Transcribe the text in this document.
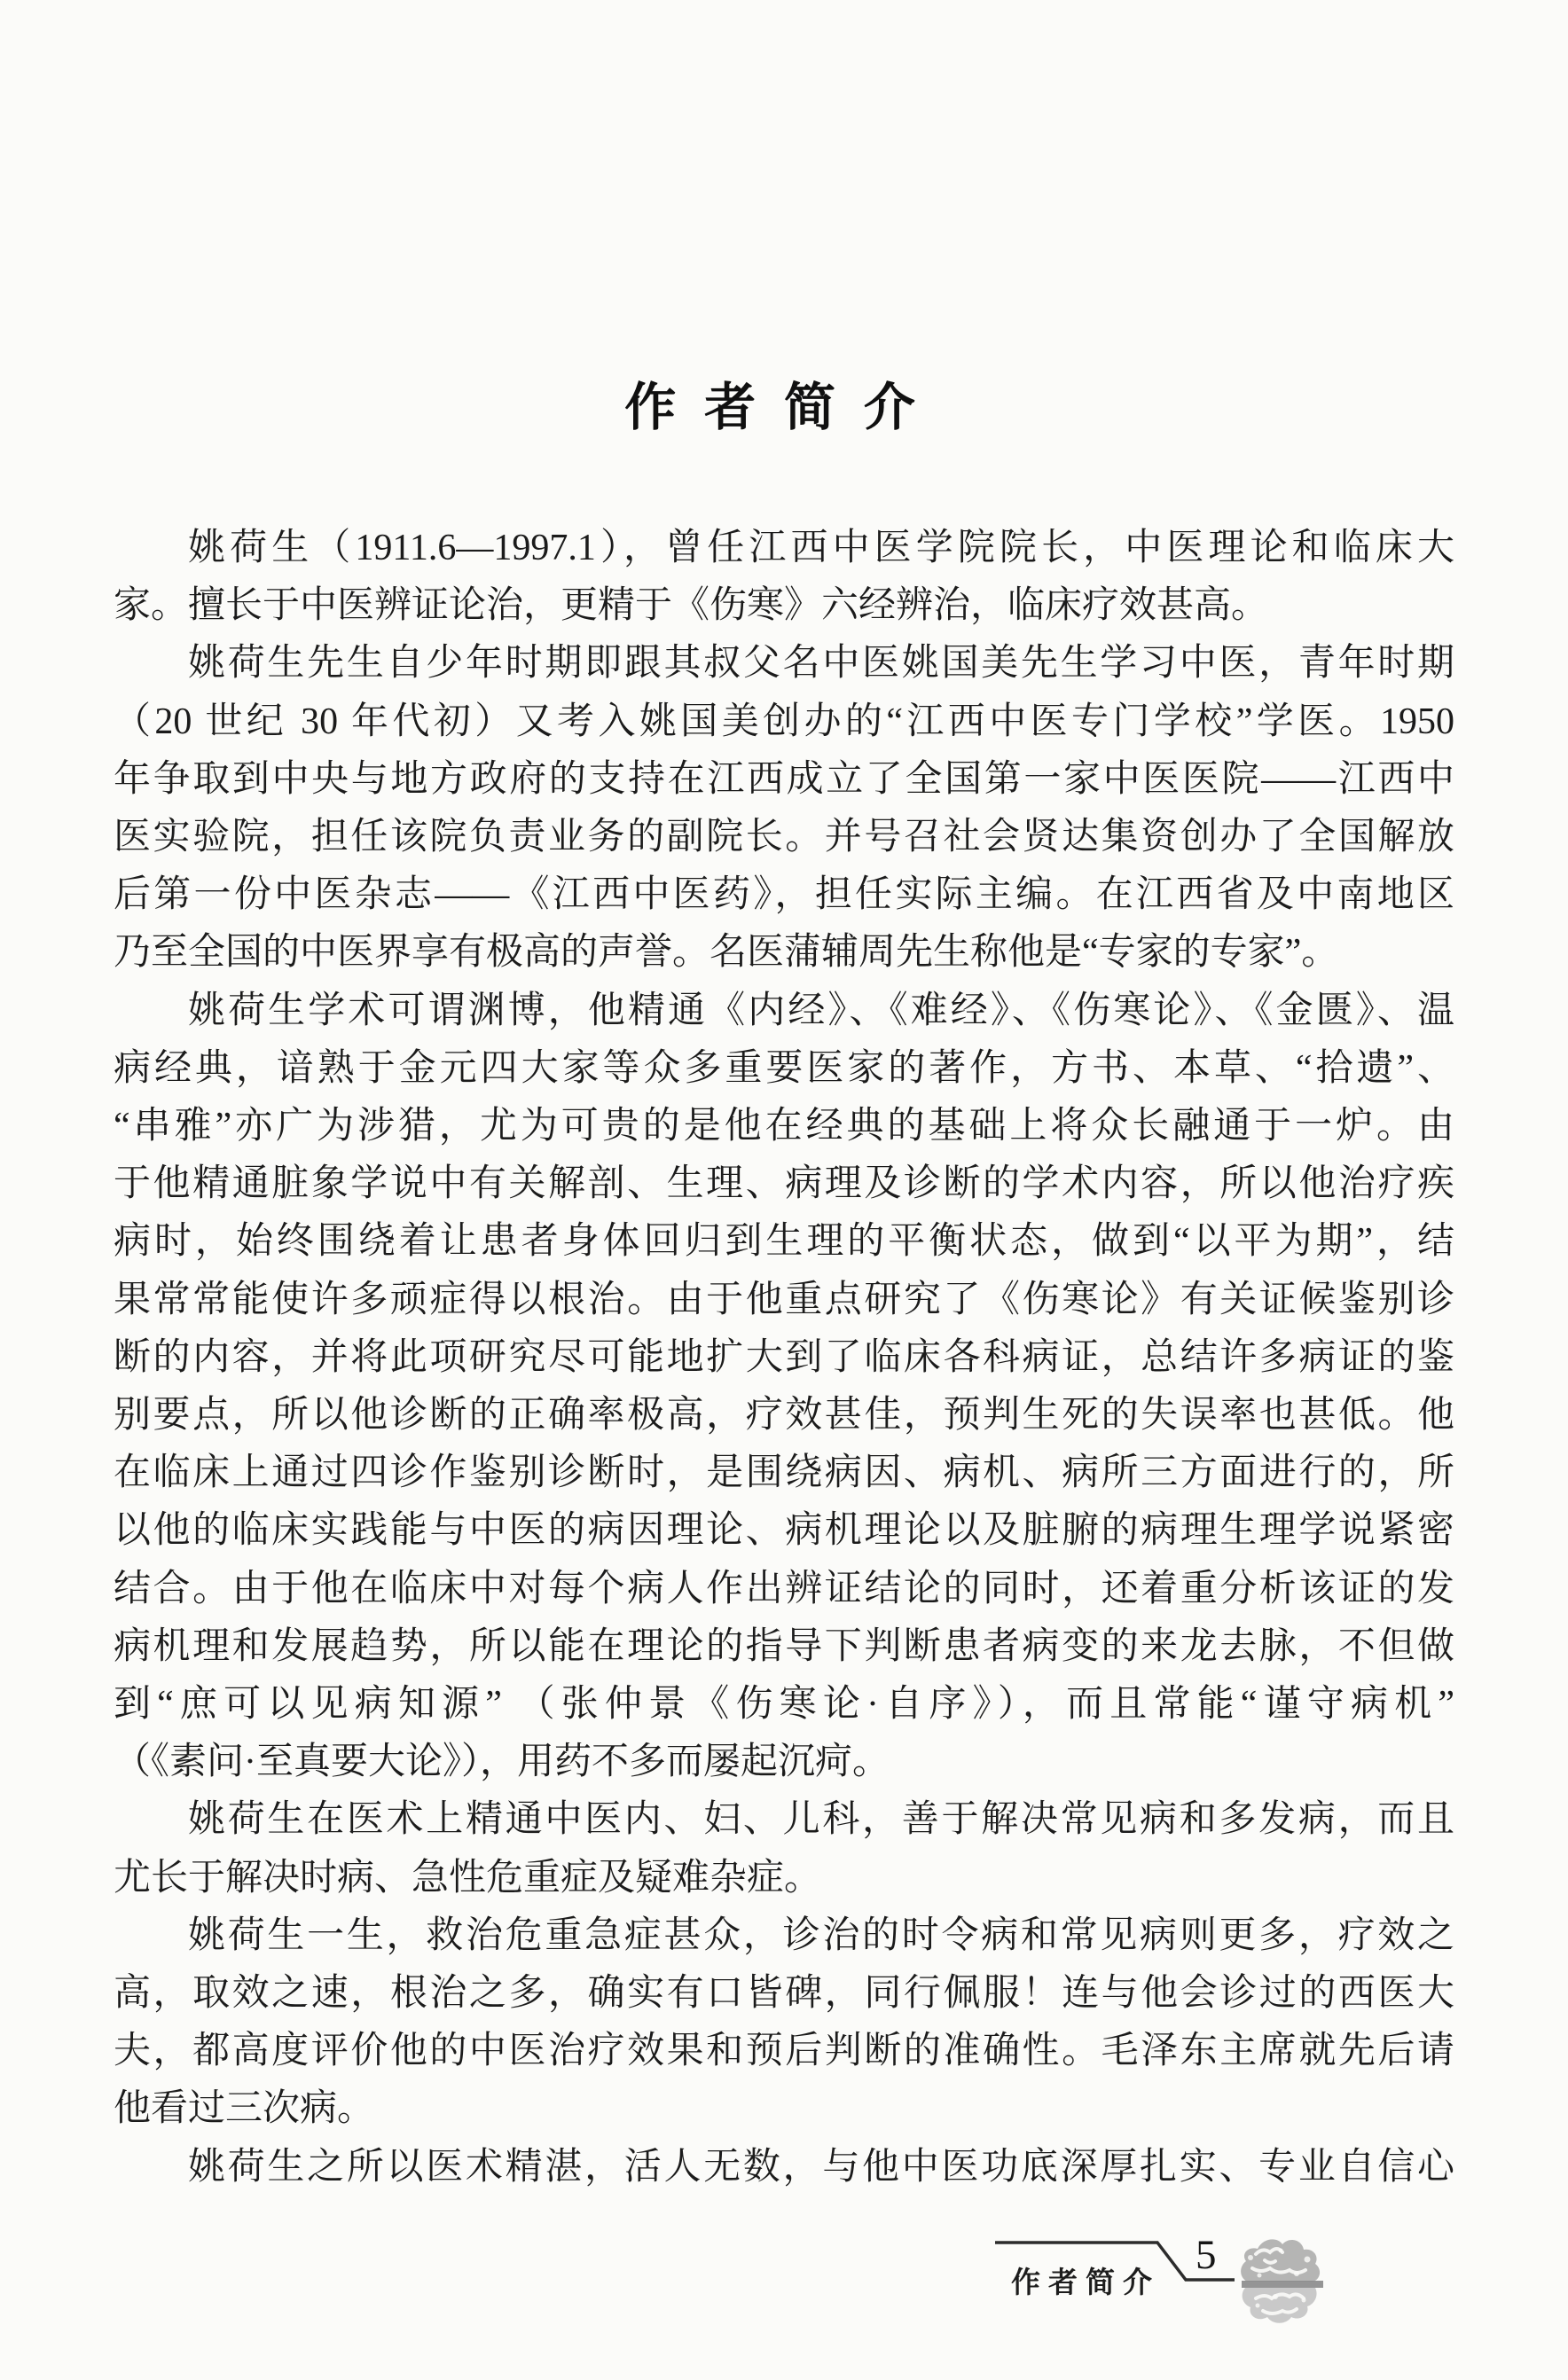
作者简介
姚荷生（1911.6—1997.1），曾任江西中医学院院长，中医理论和临床大
家。擅长于中医辨证论治，更精于《伤寒》六经辨治，临床疗效甚高。
姚荷生先生自少年时期即跟其叔父名中医姚国美先生学习中医，青年时期
（20 世纪 30 年代初）又考入姚国美创办的“江西中医专门学校”学医。1950
年争取到中央与地方政府的支持在江西成立了全国第一家中医医院——江西中
医实验院，担任该院负责业务的副院长。并号召社会贤达集资创办了全国解放
后第一份中医杂志——《江西中医药》，担任实际主编。在江西省及中南地区
乃至全国的中医界享有极高的声誉。名医蒲辅周先生称他是“专家的专家”。
姚荷生学术可谓渊博，他精通《内经》、《难经》、《伤寒论》、《金匮》、温
病经典，谙熟于金元四大家等众多重要医家的著作，方书、本草、“拾遗”、
“串雅”亦广为涉猎，尤为可贵的是他在经典的基础上将众长融通于一炉。由
于他精通脏象学说中有关解剖、生理、病理及诊断的学术内容，所以他治疗疾
病时，始终围绕着让患者身体回归到生理的平衡状态，做到“以平为期”，结
果常常能使许多顽症得以根治。由于他重点研究了《伤寒论》有关证候鉴别诊
断的内容，并将此项研究尽可能地扩大到了临床各科病证，总结许多病证的鉴
别要点，所以他诊断的正确率极高，疗效甚佳，预判生死的失误率也甚低。他
在临床上通过四诊作鉴别诊断时，是围绕病因、病机、病所三方面进行的，所
以他的临床实践能与中医的病因理论、病机理论以及脏腑的病理生理学说紧密
结合。由于他在临床中对每个病人作出辨证结论的同时，还着重分析该证的发
病机理和发展趋势，所以能在理论的指导下判断患者病变的来龙去脉，不但做
到“庶可以见病知源” （张仲景《伤寒论·自序》），而且常能“谨守病机”
（《素问·至真要大论》），用药不多而屡起沉疴。
姚荷生在医术上精通中医内、妇、儿科，善于解决常见病和多发病，而且
尤长于解决时病、急性危重症及疑难杂症。
姚荷生一生，救治危重急症甚众，诊治的时令病和常见病则更多，疗效之
高，取效之速，根治之多，确实有口皆碑，同行佩服！连与他会诊过的西医大
夫，都高度评价他的中医治疗效果和预后判断的准确性。毛泽东主席就先后请
他看过三次病。
姚荷生之所以医术精湛，活人无数，与他中医功底深厚扎实、专业自信心
作者简介
5
